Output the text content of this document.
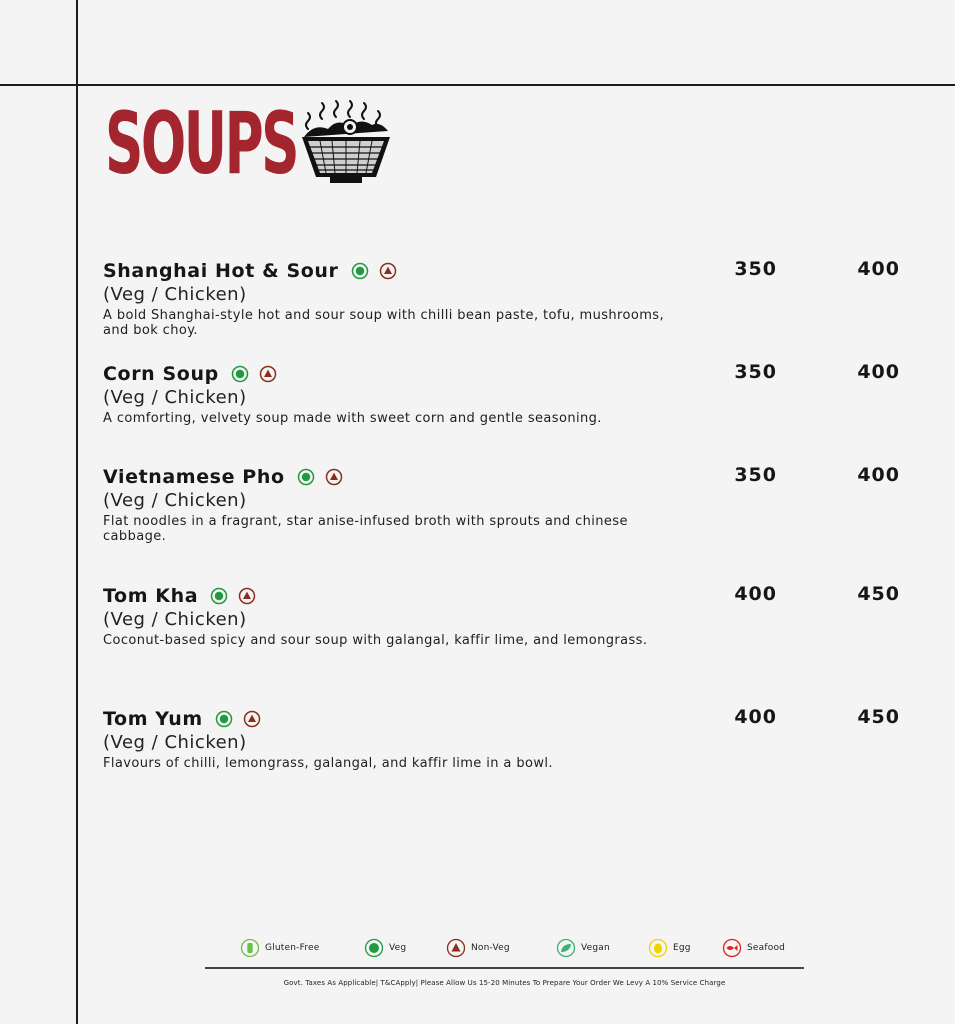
SOUPS
Shanghai Hot & Sour
(Veg / Chicken)
A bold Shanghai-style hot and sour soup with chilli bean paste, tofu, mushrooms, and bok choy.
350	400
Corn Soup
(Veg / Chicken)
A comforting, velvety soup made with sweet corn and gentle seasoning.
350	400
Vietnamese Pho
(Veg / Chicken)
Flat noodles in a fragrant, star anise-infused broth with sprouts and chinese cabbage.
350	400
Tom Kha
(Veg / Chicken)
Coconut-based spicy and sour soup with galangal, kaffir lime, and lemongrass.
400	450
Tom Yum
(Veg / Chicken)
Flavours of chilli, lemongrass, galangal, and kaffir lime in a bowl.
400	450
Gluten-Free	Veg	Non-Veg	Vegan	Egg	Seafood
Govt. Taxes As Applicable| T&CApply| Please Allow Us 15-20 Minutes To Prepare Your Order We Levy A 10% Service Charge
